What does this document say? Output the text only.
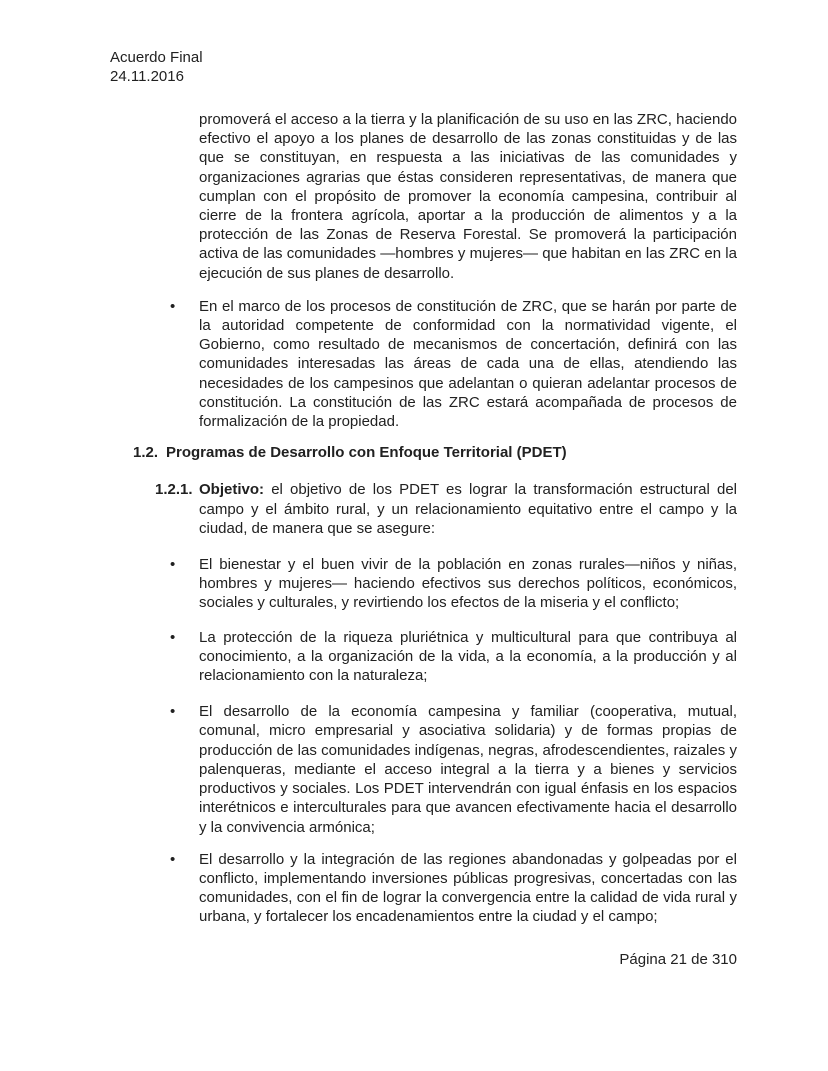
Acuerdo Final
24.11.2016

promoverá el acceso a la tierra y la planificación de su uso en las ZRC, haciendo efectivo el apoyo a los planes de desarrollo de las zonas constituidas y de las que se constituyan, en respuesta a las iniciativas de las comunidades y organizaciones agrarias que éstas consideren representativas, de manera que cumplan con el propósito de promover la economía campesina, contribuir al cierre de la frontera agrícola, aportar a la producción de alimentos y a la protección de las Zonas de Reserva Forestal. Se promoverá la participación activa de las comunidades —hombres y mujeres— que habitan en las ZRC en la ejecución de sus planes de desarrollo.

•	En el marco de los procesos de constitución de ZRC, que se harán por parte de la autoridad competente de conformidad con la normatividad vigente, el Gobierno, como resultado de mecanismos de concertación, definirá con las comunidades interesadas las áreas de cada una de ellas, atendiendo las necesidades de los campesinos que adelantan o quieran adelantar procesos de constitución. La constitución de las ZRC estará acompañada de procesos de formalización de la propiedad.

1.2. Programas de Desarrollo con Enfoque Territorial (PDET)
1.2.1. Objetivo: el objetivo de los PDET es lograr la transformación estructural del campo y el ámbito rural, y un relacionamiento equitativo entre el campo y la ciudad, de manera que se asegure:

•	El bienestar y el buen vivir de la población en zonas rurales—niños y niñas, hombres y mujeres— haciendo efectivos sus derechos políticos, económicos, sociales y culturales, y revirtiendo los efectos de la miseria y el conflicto;

•	La protección de la riqueza pluriétnica y multicultural para que contribuya al conocimiento, a la organización de la vida, a la economía, a la producción y al relacionamiento con la naturaleza;

•	El desarrollo de la economía campesina y familiar (cooperativa, mutual, comunal, micro empresarial y asociativa solidaria) y de formas propias de producción de las comunidades indígenas, negras, afrodescendientes, raizales y palenqueras, mediante el acceso integral a la tierra y a bienes y servicios productivos y sociales. Los PDET intervendrán con igual énfasis en los espacios interétnicos e interculturales para que avancen efectivamente hacia el desarrollo y la convivencia armónica;

•	El desarrollo y la integración de las regiones abandonadas y golpeadas por el conflicto, implementando inversiones públicas progresivas, concertadas con las comunidades, con el fin de lograr la convergencia entre la calidad de vida rural y urbana, y fortalecer los encadenamientos entre la ciudad y el campo;

Página 21 de 310
